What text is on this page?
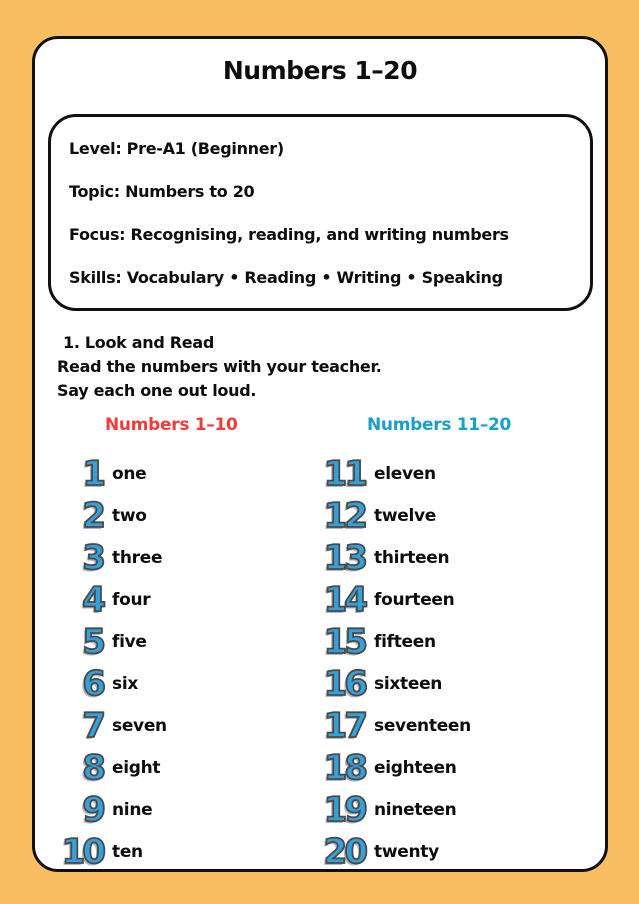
Numbers 1–20
Level: Pre-A1 (Beginner)
Topic: Numbers to 20
Focus: Recognising, reading, and writing numbers
Skills: Vocabulary • Reading • Writing • Speaking
1. Look and Read
Read the numbers with your teacher.
Say each one out loud.
Numbers 1–10
1 one
2 two
3 three
4 four
5 five
6 six
7 seven
8 eight
9 nine
10 ten
Numbers 11–20
11 eleven
12 twelve
13 thirteen
14 fourteen
15 fifteen
16 sixteen
17 seventeen
18 eighteen
19 nineteen
20 twenty
